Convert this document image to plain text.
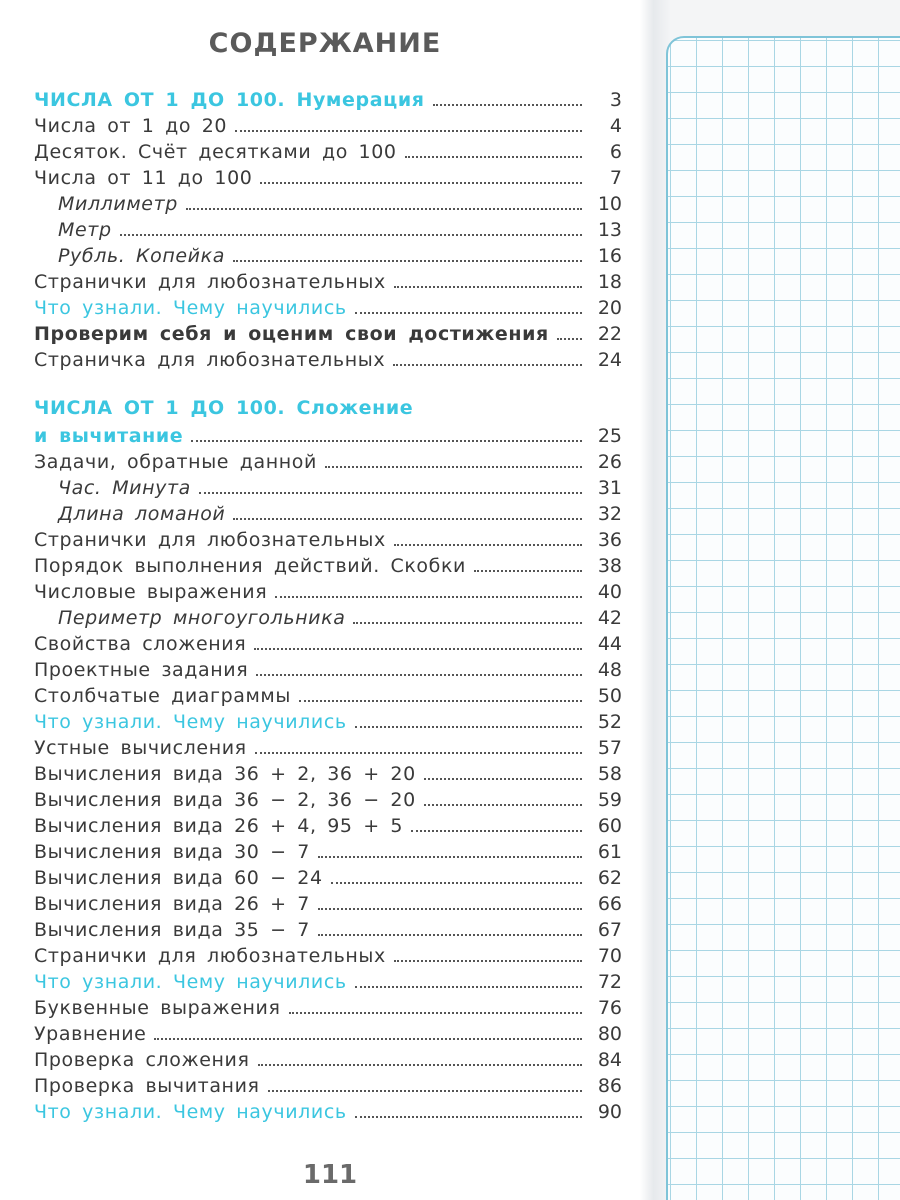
СОДЕРЖАНИЕ
ЧИСЛА ОТ 1 ДО 100. Нумерация	3
Числа от 1 до 20	4
Десяток. Счёт десятками до 100	6
Числа от 11 до 100	7
Миллиметр	10
Метр	13
Рубль. Копейка	16
Странички для любознательных	18
Что узнали. Чему научились	20
Проверим себя и оценим свои достижения	22
Страничка для любознательных	24
ЧИСЛА ОТ 1 ДО 100. Сложение
и вычитание	25
Задачи, обратные данной	26
Час. Минута	31
Длина ломаной	32
Странички для любознательных	36
Порядок выполнения действий. Скобки	38
Числовые выражения	40
Периметр многоугольника	42
Свойства сложения	44
Проектные задания	48
Столбчатые диаграммы	50
Что узнали. Чему научились	52
Устные вычисления	57
Вычисления вида 36 + 2, 36 + 20	58
Вычисления вида 36 − 2, 36 − 20	59
Вычисления вида 26 + 4, 95 + 5	60
Вычисления вида 30 − 7	61
Вычисления вида 60 − 24	62
Вычисления вида 26 + 7	66
Вычисления вида 35 − 7	67
Странички для любознательных	70
Что узнали. Чему научились	72
Буквенные выражения	76
Уравнение	80
Проверка сложения	84
Проверка вычитания	86
Что узнали. Чему научились	90
111
